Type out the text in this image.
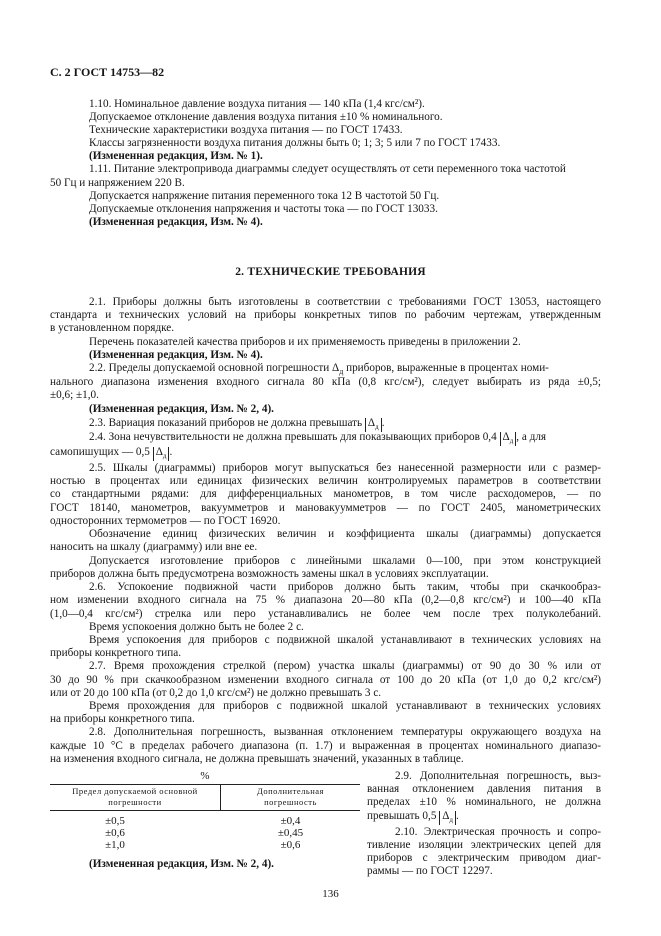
С. 2 ГОСТ 14753—82
1.10. Номинальное давление воздуха питания — 140 кПа (1,4 кгс/см²).
Допускаемое отклонение давления воздуха питания ±10 % номинального.
Технические характеристики воздуха питания — по ГОСТ 17433.
Классы загрязненности воздуха питания должны быть 0; 1; 3; 5 или 7 по ГОСТ 17433.
(Измененная редакция, Изм. № 1).
1.11. Питание электропривода диаграммы следует осуществлять от сети переменного тока частотой
50 Гц и напряжением 220 В.
Допускается напряжение питания переменного тока 12 В частотой 50 Гц.
Допускаемые отклонения напряжения и частоты тока — по ГОСТ 13033.
(Измененная редакция, Изм. № 4).
2. ТЕХНИЧЕСКИЕ ТРЕБОВАНИЯ
2.1. Приборы должны быть изготовлены в соответствии с требованиями ГОСТ 13053, настоящего
стандарта и технических условий на приборы конкретных типов по рабочим чертежам, утвержденным
в установленном порядке.
Перечень показателей качества приборов и их применяемость приведены в приложении 2.
(Измененная редакция, Изм. № 4).
2.2. Пределы допускаемой основной погрешности $\Delta_д$ приборов, выраженные в процентах номи-
нального диапазона изменения входного сигнала 80 кПа (0,8 кгс/см²), следует выбирать из ряда ±0,5;
±0,6; ±1,0.
(Измененная редакция, Изм. № 2, 4).
2.3. Вариация показаний приборов не должна превышать $\Delta_д$ .
2.4. Зона нечувствительности не должна превышать для показывающих приборов 0,4 $\Delta_д$ , а для
самопишущих — 0,5 $\Delta_д$ .
2.5. Шкалы (диаграммы) приборов могут выпускаться без нанесенной размерности или с размер-
ностью в процентах или единицах физических величин контролируемых параметров в соответствии
со стандартными рядами: для дифференциальных манометров, в том числе расходомеров, — по
ГОСТ 18140, манометров, вакуумметров и мановакуумметров — по ГОСТ 2405, манометрических
односторонних термометров — по ГОСТ 16920.
Обозначение единиц физических величин и коэффициента шкалы (диаграммы) допускается
наносить на шкалу (диаграмму) или вне ее.
Допускается изготовление приборов с линейными шкалами 0—100, при этом конструкцией
приборов должна быть предусмотрена возможность замены шкал в условиях эксплуатации.
2.6. Успокоение подвижной части приборов должно быть таким, чтобы при скачкообраз-
ном изменении входного сигнала на 75 % диапазона 20—80 кПа (0,2—0,8 кгс/см²) и 100—40 кПа
(1,0—0,4 кгс/см²) стрелка или перо устанавливались не более чем после трех полуколебаний.
Время успокоения должно быть не более 2 с.
Время успокоения для приборов с подвижной шкалой устанавливают в технических условиях на
приборы конкретного типа.
2.7. Время прохождения стрелкой (пером) участка шкалы (диаграммы) от 90 до 30 % или от
30 до 90 % при скачкообразном изменении входного сигнала от 100 до 20 кПа (от 1,0 до 0,2 кгс/см²)
или от 20 до 100 кПа (от 0,2 до 1,0 кгс/см²) не должно превышать 3 с.
Время прохождения для приборов с подвижной шкалой устанавливают в технических условиях
на приборы конкретного типа.
2.8. Дополнительная погрешность, вызванная отклонением температуры окружающего воздуха на
каждые 10 °С в пределах рабочего диапазона (п. 1.7) и выраженная в процентах номинального диапазо-
на изменения входного сигнала, не должна превышать значений, указанных в таблице.
%
Предел допускаемой основной
погрешности
Дополнительная
погрешность
±0,5	±0,4
±0,6	±0,45
±1,0	±0,6
2.9. Дополнительная погрешность, выз-
ванная отклонением давления питания в
пределах ±10 % номинального, не должна
превышать 0,5 $\Delta_д$ .
2.10. Электрическая прочность и сопро-
тивление изоляции электрических цепей для
приборов с электрическим приводом диаг-
раммы — по ГОСТ 12297.
(Измененная редакция, Изм. № 2, 4).
136
